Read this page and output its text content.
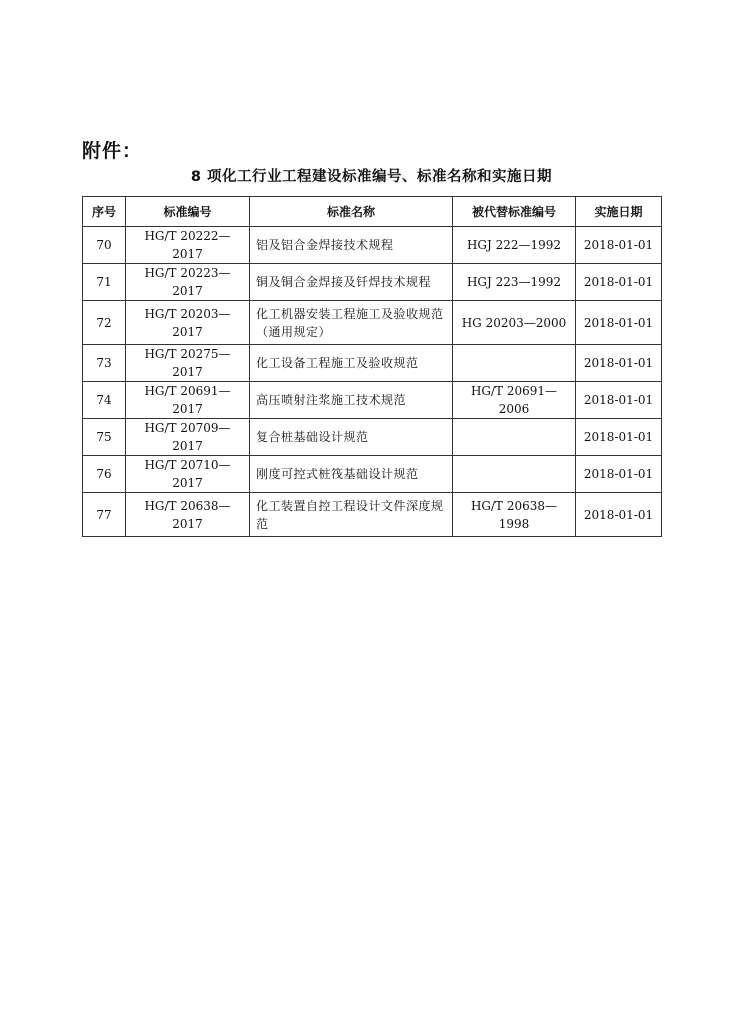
附件：
8 项化工行业工程建设标准编号、标准名称和实施日期
序号	标准编号	标准名称	被代替标准编号	实施日期
70	HG/T 20222—2017	铝及铝合金焊接技术规程	HGJ 222—1992	2018-01-01
71	HG/T 20223—2017	铜及铜合金焊接及钎焊技术规程	HGJ 223—1992	2018-01-01
72	HG/T 20203—2017	化工机器安装工程施工及验收规范（通用规定）	HG 20203—2000	2018-01-01
73	HG/T 20275—2017	化工设备工程施工及验收规范		2018-01-01
74	HG/T 20691—2017	高压喷射注浆施工技术规范	HG/T 20691—2006	2018-01-01
75	HG/T 20709—2017	复合桩基础设计规范		2018-01-01
76	HG/T 20710—2017	刚度可控式桩筏基础设计规范		2018-01-01
77	HG/T 20638—2017	化工装置自控工程设计文件深度规范	HG/T 20638—1998	2018-01-01
